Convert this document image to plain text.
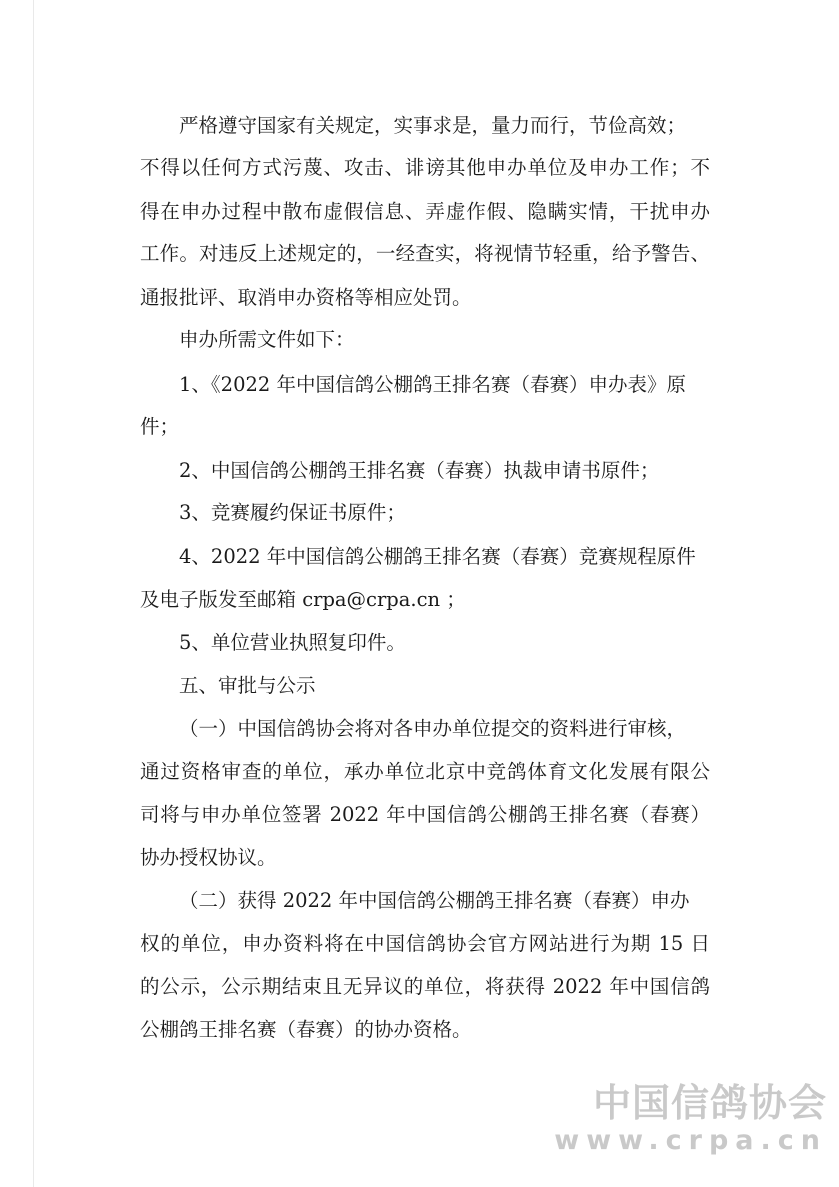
严格遵守国家有关规定，实事求是，量力而行，节俭高效；
不得以任何方式污蔑、攻击、诽谤其他申办单位及申办工作；不
得在申办过程中散布虚假信息、弄虚作假、隐瞒实情，干扰申办
工作。对违反上述规定的，一经查实，将视情节轻重，给予警告、
通报批评、取消申办资格等相应处罚。
申办所需文件如下：
1、《2022 年中国信鸽公棚鸽王排名赛（春赛）申办表》原
件；
2、中国信鸽公棚鸽王排名赛（春赛）执裁申请书原件；
3、竞赛履约保证书原件；
4、2022 年中国信鸽公棚鸽王排名赛（春赛）竞赛规程原件
及电子版发至邮箱 crpa@crpa.cn ；
5、单位营业执照复印件。
五、审批与公示
（一）中国信鸽协会将对各申办单位提交的资料进行审核，
通过资格审查的单位，承办单位北京中竞鸽体育文化发展有限公
司将与申办单位签署 2022 年中国信鸽公棚鸽王排名赛（春赛）
协办授权协议。
（二）获得 2022 年中国信鸽公棚鸽王排名赛（春赛）申办
权的单位，申办资料将在中国信鸽协会官方网站进行为期 15 日
的公示，公示期结束且无异议的单位，将获得 2022 年中国信鸽
公棚鸽王排名赛（春赛）的协办资格。
中国信鸽协会
www.crpa.cn
